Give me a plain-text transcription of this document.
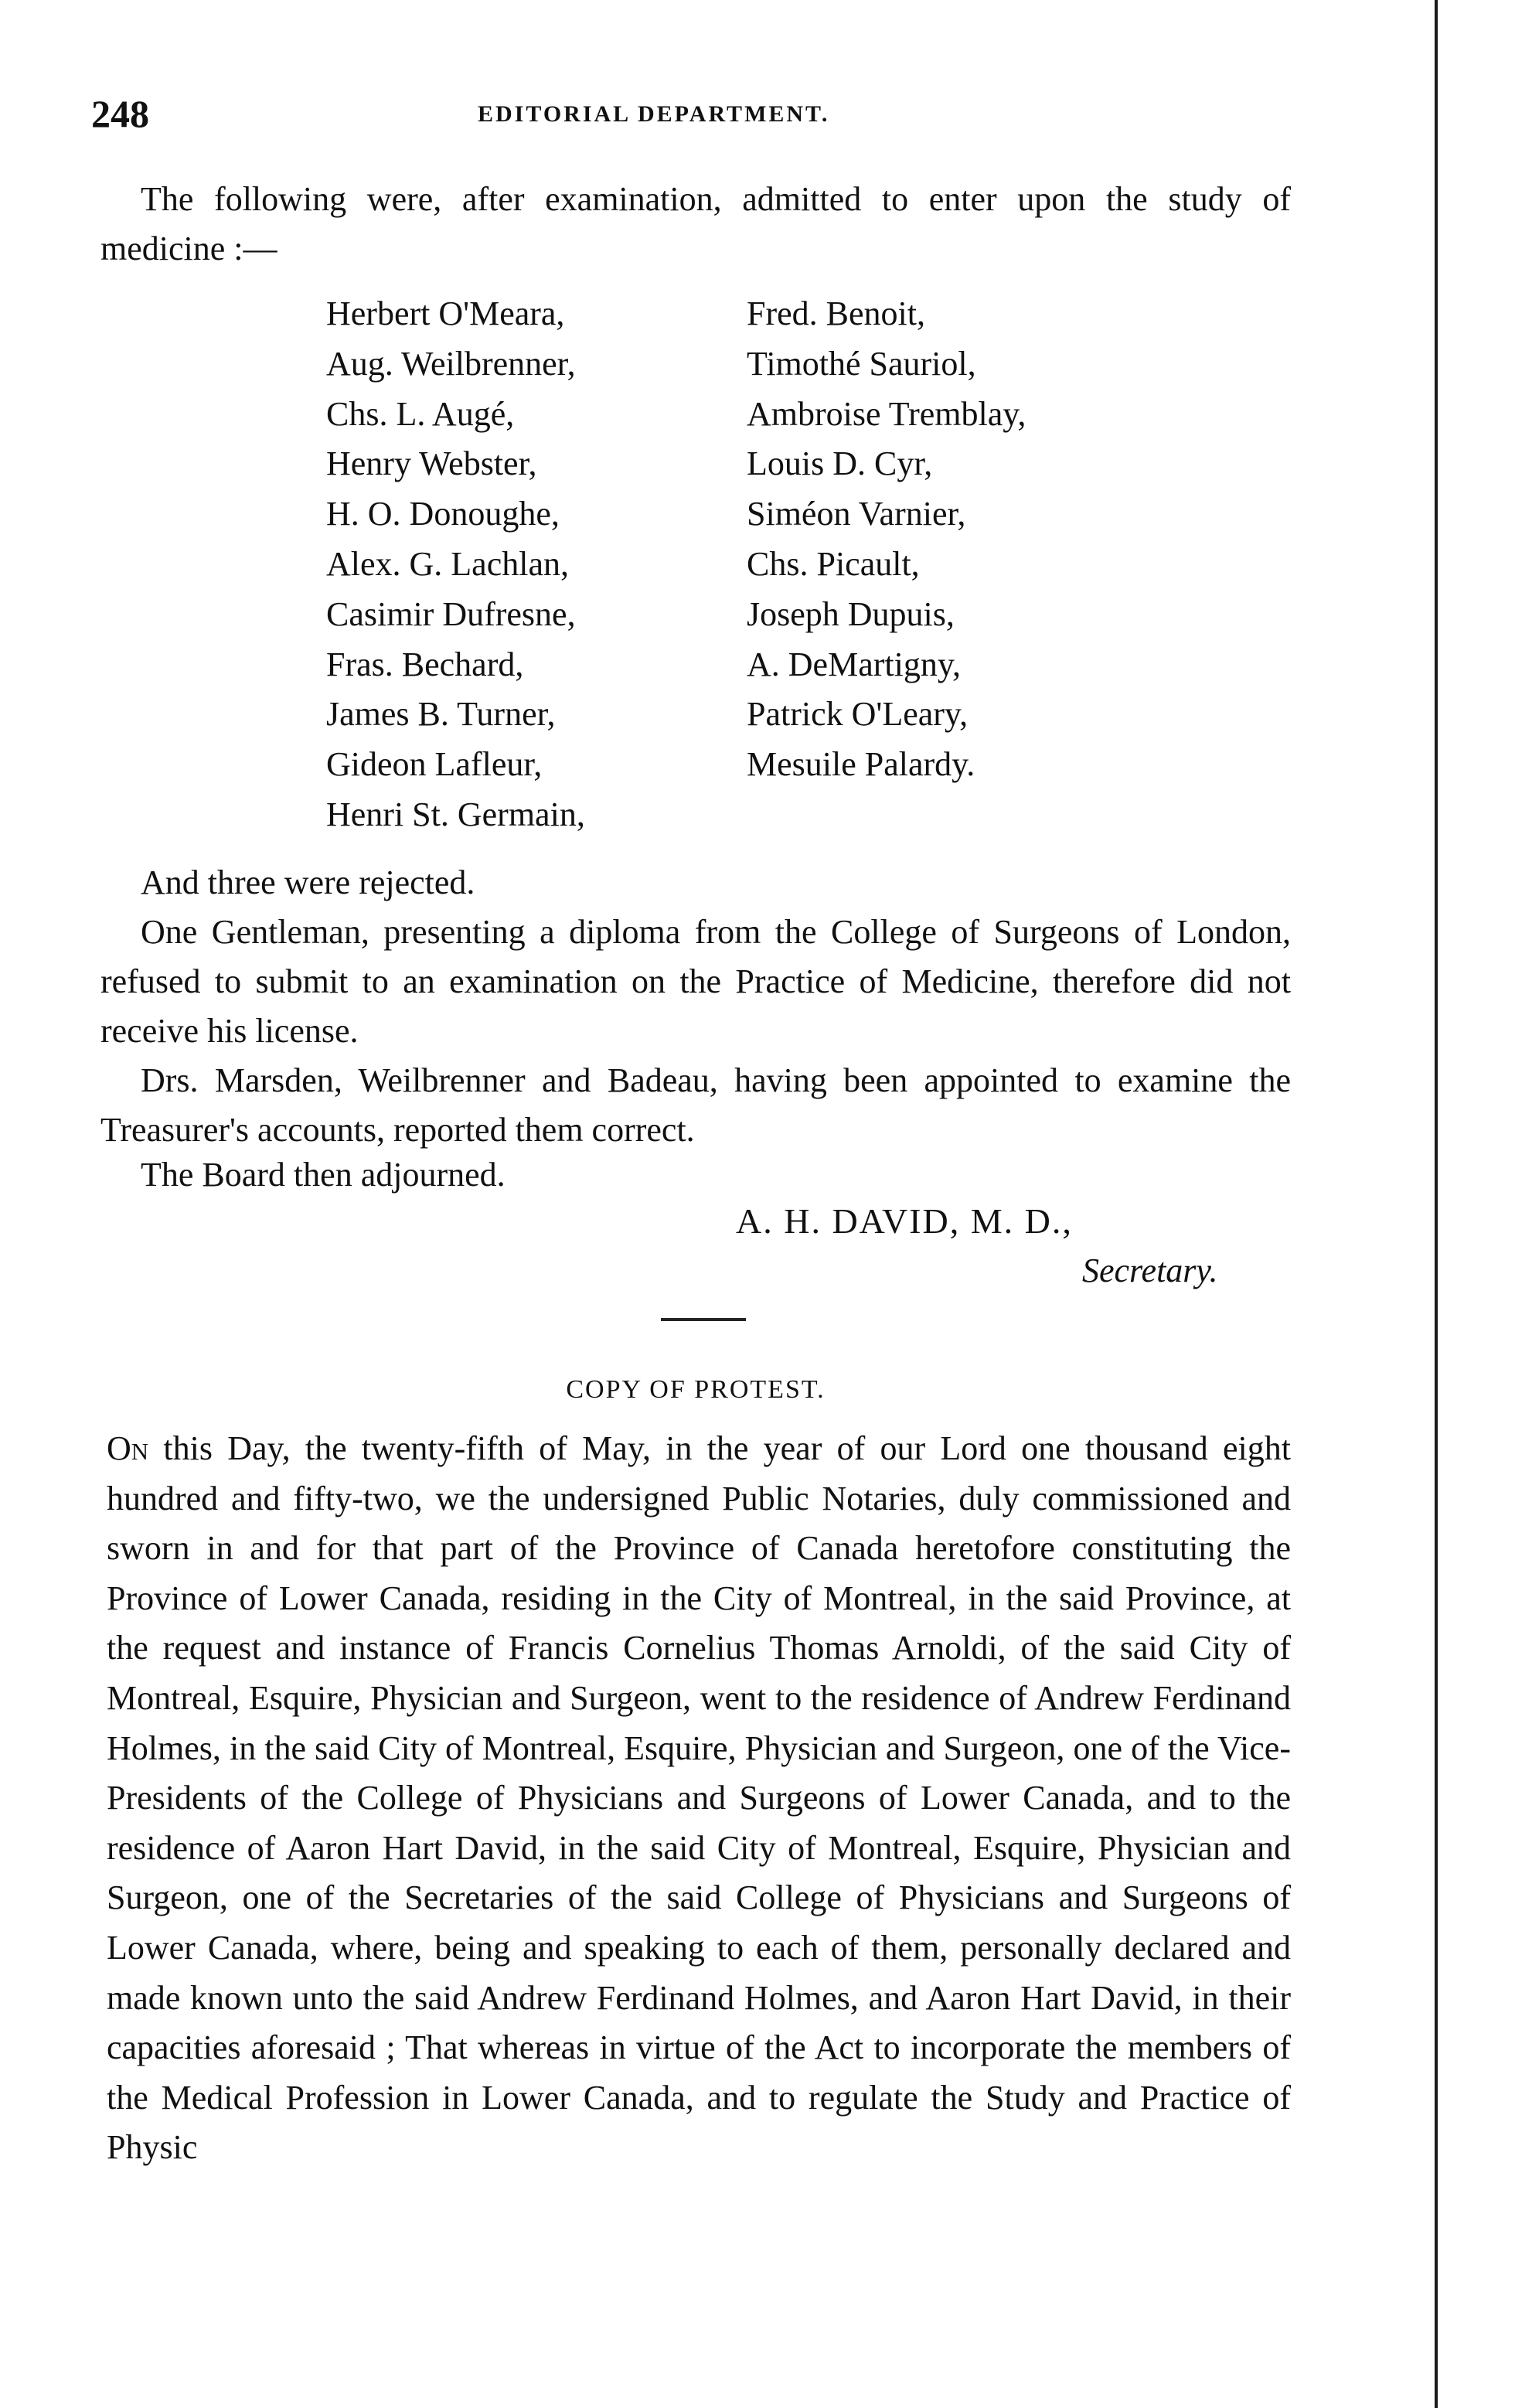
248	EDITORIAL DEPARTMENT.

The following were, after examination, admitted to enter upon the study of medicine :—

Herbert O'Meara,
Aug. Weilbrenner,
Chs. L. Augé,
Henry Webster,
H. O. Donoughe,
Alex. G. Lachlan,
Casimir Dufresne,
Fras. Bechard,
James B. Turner,
Gideon Lafleur,
Henri St. Germain,
Fred. Benoit,
Timothé Sauriol,
Ambroise Tremblay,
Louis D. Cyr,
Siméon Varnier,
Chs. Picault,
Joseph Dupuis,
A. DeMartigny,
Patrick O'Leary,
Mesuile Palardy.

And three were rejected.

One Gentleman, presenting a diploma from the College of Surgeons of London, refused to submit to an examination on the Practice of Medicine, therefore did not receive his license.

Drs. Marsden, Weilbrenner and Badeau, having been appointed to examine the Treasurer's accounts, reported them correct.

The Board then adjourned.

A. H. DAVID, M. D.,
Secretary.
COPY OF PROTEST.

On this Day, the twenty-fifth of May, in the year of our Lord one thousand eight hundred and fifty-two, we the undersigned Public Notaries, duly commissioned and sworn in and for that part of the Province of Canada heretofore constituting the Province of Lower Canada, residing in the City of Montreal, in the said Province, at the request and instance of Francis Cornelius Thomas Arnoldi, of the said City of Montreal, Esquire, Physician and Surgeon, went to the residence of Andrew Ferdinand Holmes, in the said City of Montreal, Esquire, Physician and Surgeon, one of the Vice-Presidents of the College of Physicians and Surgeons of Lower Canada, and to the residence of Aaron Hart David, in the said City of Montreal, Esquire, Physician and Surgeon, one of the Secretaries of the said College of Physicians and Surgeons of Lower Canada, where, being and speaking to each of them, personally declared and made known unto the said Andrew Ferdinand Holmes, and Aaron Hart David, in their capacities aforesaid ; That whereas in virtue of the Act to incorporate the members of the Medical Profession in Lower Canada, and to regulate the Study and Practice of Physic
